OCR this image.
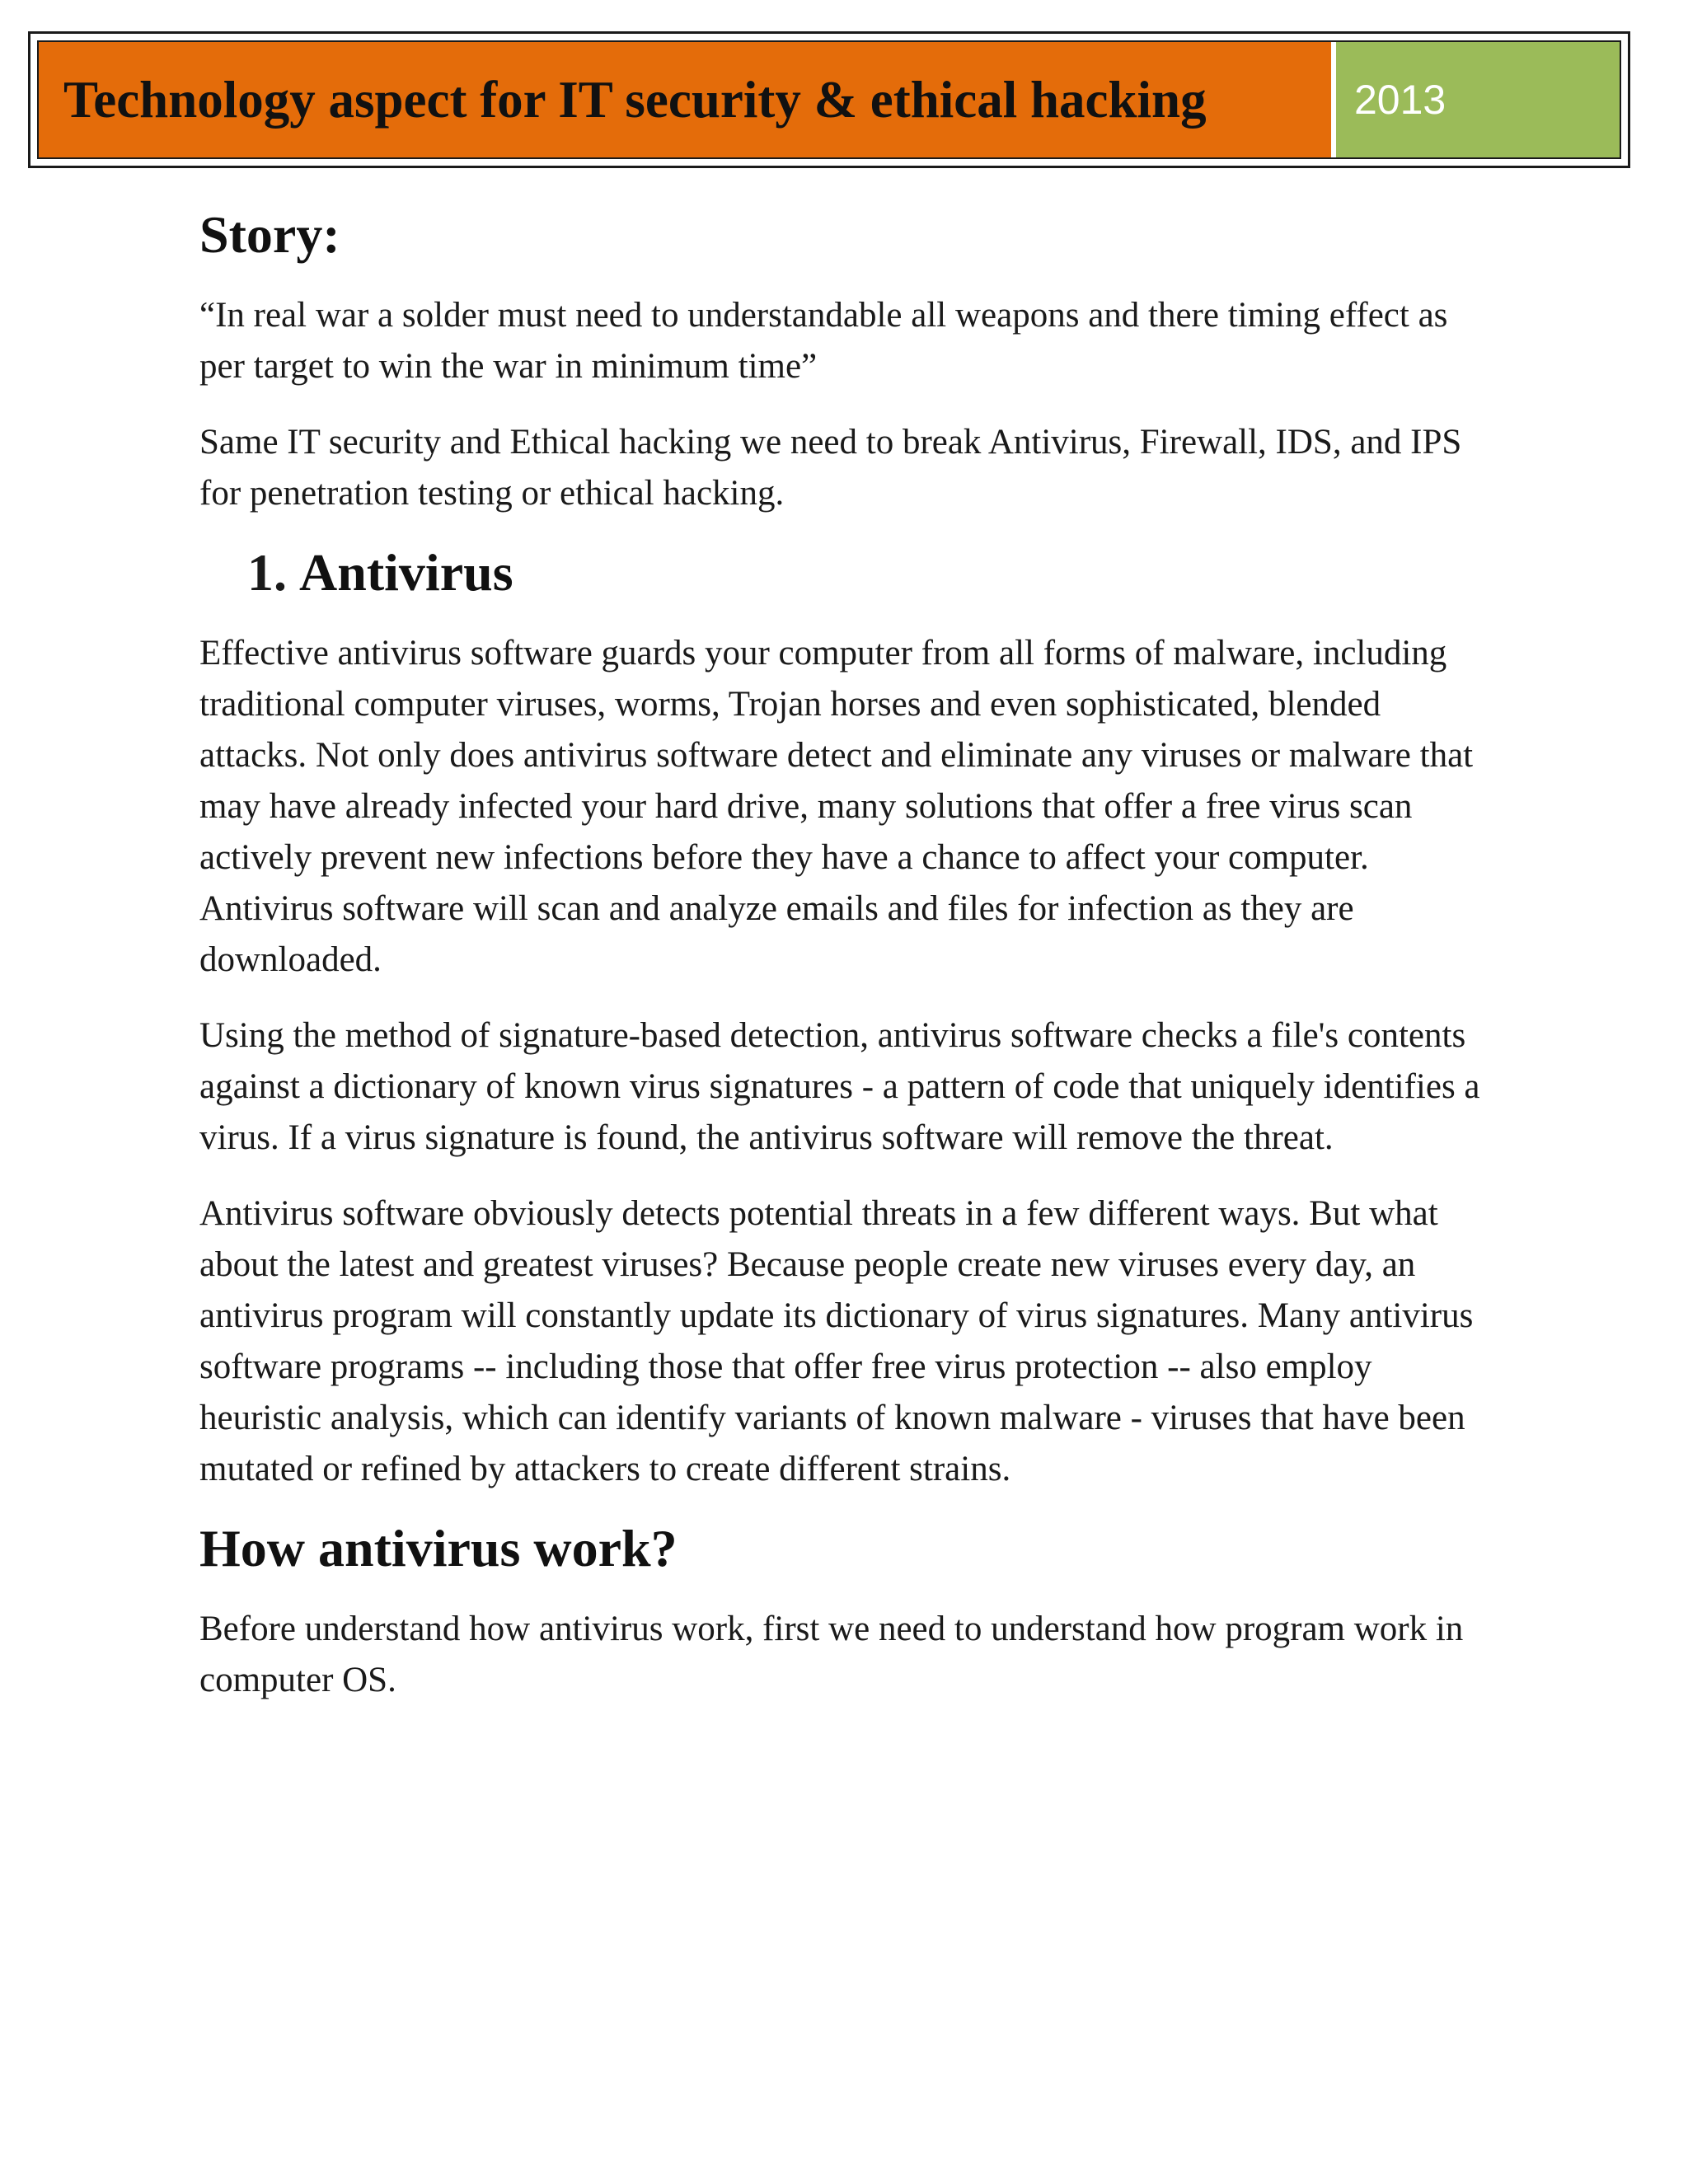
Technology aspect for IT security & ethical hacking	2013
Story:

“In real war a solder must need to understandable all weapons and there timing effect as per target to win the war in minimum time”

Same IT security and Ethical hacking we need to break Antivirus, Firewall, IDS, and IPS for penetration testing or ethical hacking.

1. Antivirus

Effective antivirus software guards your computer from all forms of malware, including traditional computer viruses, worms, Trojan horses and even sophisticated, blended attacks. Not only does antivirus software detect and eliminate any viruses or malware that may have already infected your hard drive, many solutions that offer a free virus scan actively prevent new infections before they have a chance to affect your computer. Antivirus software will scan and analyze emails and files for infection as they are downloaded.

Using the method of signature-based detection, antivirus software checks a file's contents against a dictionary of known virus signatures - a pattern of code that uniquely identifies a virus. If a virus signature is found, the antivirus software will remove the threat.

Antivirus software obviously detects potential threats in a few different ways. But what about the latest and greatest viruses? Because people create new viruses every day, an antivirus program will constantly update its dictionary of virus signatures. Many antivirus software programs -- including those that offer free virus protection -- also employ heuristic analysis, which can identify variants of known malware - viruses that have been mutated or refined by attackers to create different strains.

How antivirus work?

Before understand how antivirus work, first we need to understand how program work in computer OS.
